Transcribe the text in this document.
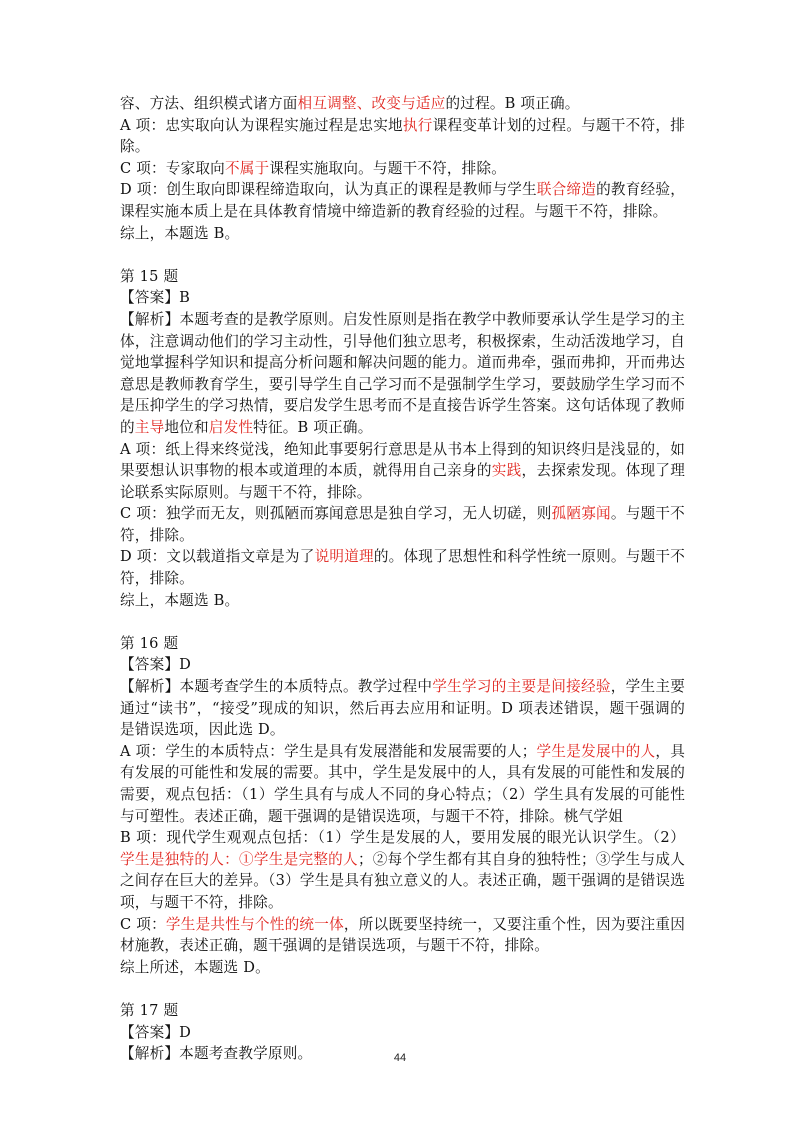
容、方法、组织模式诸方面相互调整、改变与适应的过程。B 项正确。

A 项：忠实取向认为课程实施过程是忠实地执行课程变革计划的过程。与题干不符，排除。

C 项：专家取向不属于课程实施取向。与题干不符，排除。

D 项：创生取向即课程缔造取向，认为真正的课程是教师与学生联合缔造的教育经验，课程实施本质上是在具体教育情境中缔造新的教育经验的过程。与题干不符，排除。

综上，本题选 B。

第 15 题

【答案】B

【解析】本题考查的是教学原则。启发性原则是指在教学中教师要承认学生是学习的主体，注意调动他们的学习主动性，引导他们独立思考，积极探索，生动活泼地学习，自觉地掌握科学知识和提高分析问题和解决问题的能力。道而弗牵，强而弗抑，开而弗达意思是教师教育学生，要引导学生自己学习而不是强制学生学习，要鼓励学生学习而不是压抑学生的学习热情，要启发学生思考而不是直接告诉学生答案。这句话体现了教师的主导地位和启发性特征。B 项正确。

A 项：纸上得来终觉浅，绝知此事要躬行意思是从书本上得到的知识终归是浅显的，如果要想认识事物的根本或道理的本质，就得用自己亲身的实践，去探索发现。体现了理论联系实际原则。与题干不符，排除。

C 项：独学而无友，则孤陋而寡闻意思是独自学习，无人切磋，则孤陋寡闻。与题干不符，排除。

D 项：文以载道指文章是为了说明道理的。体现了思想性和科学性统一原则。与题干不符，排除。

综上，本题选 B。

第 16 题

【答案】D

【解析】本题考查学生的本质特点。教学过程中学生学习的主要是间接经验，学生主要通过“读书”，“接受”现成的知识，然后再去应用和证明。D 项表述错误，题干强调的是错误选项，因此选 D。

A 项：学生的本质特点：学生是具有发展潜能和发展需要的人；学生是发展中的人，具有发展的可能性和发展的需要。其中，学生是发展中的人，具有发展的可能性和发展的需要，观点包括：（1）学生具有与成人不同的身心特点；（2）学生具有发展的可能性与可塑性。表述正确，题干强调的是错误选项，与题干不符，排除。桃气学姐

B 项：现代学生观观点包括：（1）学生是发展的人，要用发展的眼光认识学生。（2）学生是独特的人：①学生是完整的人；②每个学生都有其自身的独特性；③学生与成人之间存在巨大的差异。（3）学生是具有独立意义的人。表述正确，题干强调的是错误选项，与题干不符，排除。

C 项：学生是共性与个性的统一体，所以既要坚持统一，又要注重个性，因为要注重因材施教，表述正确，题干强调的是错误选项，与题干不符，排除。

综上所述，本题选 D。

第 17 题

【答案】D

【解析】本题考查教学原则。	44
